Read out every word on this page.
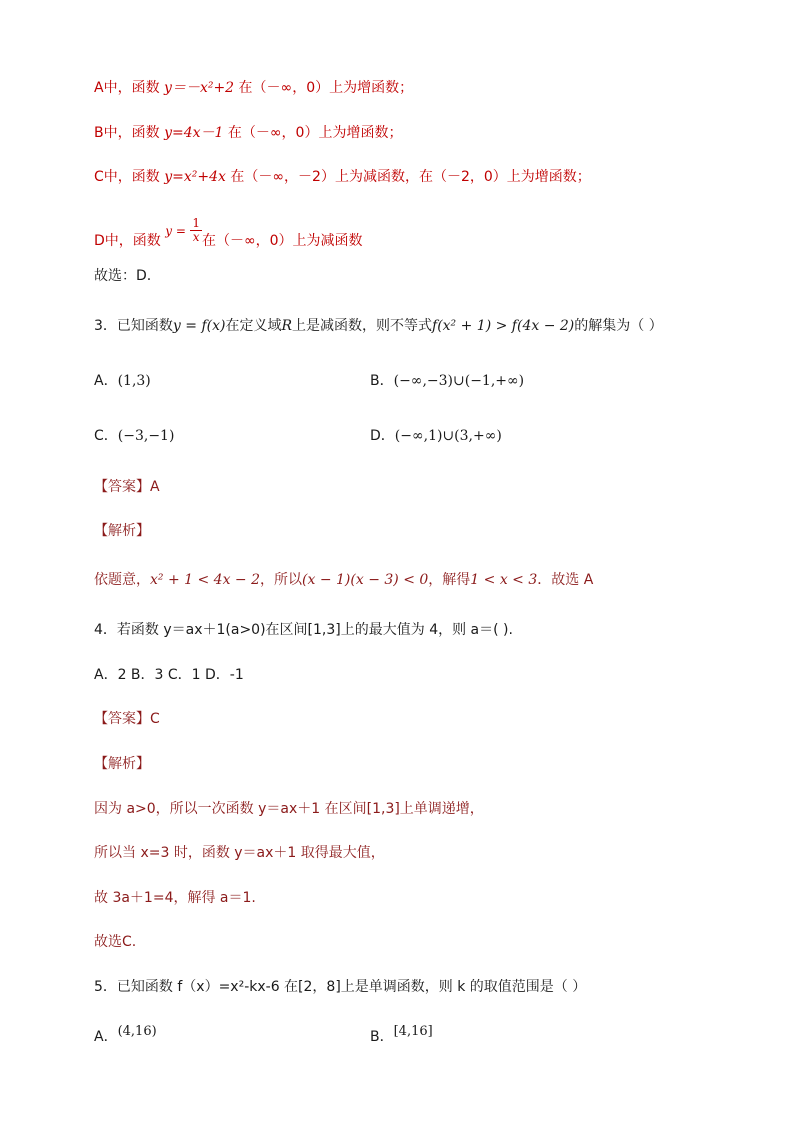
A中，函数 y＝－x²+2 在（－∞，0）上为增函数；
B中，函数 y=4x－1 在（－∞，0）上为增函数；
C中，函数 y=x²+4x 在（－∞，－2）上为减函数，在（－2，0）上为增函数；
D中，函数 $y = \frac{1}{x}$ 在（－∞，0）上为减函数
故选：D.
3．已知函数y = f(x)在定义域R上是减函数，则不等式f(x² + 1) > f(4x − 2)的解集为（ ）
A．(1,3)	B．(−∞,−3)∪(−1,+∞)
C．(−3,−1)	D．(−∞,1)∪(3,+∞)
【答案】A
【解析】
依题意，x² + 1 < 4x − 2，所以(x − 1)(x − 3) < 0，解得1 < x < 3．故选 A
4．若函数 y＝ax＋1(a>0)在区间[1,3]上的最大值为 4，则 a＝( ).
A．2 B．3 C．1 D．-1
【答案】C
【解析】
因为 a>0，所以一次函数 y＝ax＋1 在区间[1,3]上单调递增，
所以当 x=3 时，函数 y＝ax＋1 取得最大值，
故 3a＋1=4，解得 a＝1.
故选C.
5．已知函数 f（x）=x²-kx-6 在[2，8]上是单调函数，则 k 的取值范围是（ ）
A．(4,16)	B．[4,16]
